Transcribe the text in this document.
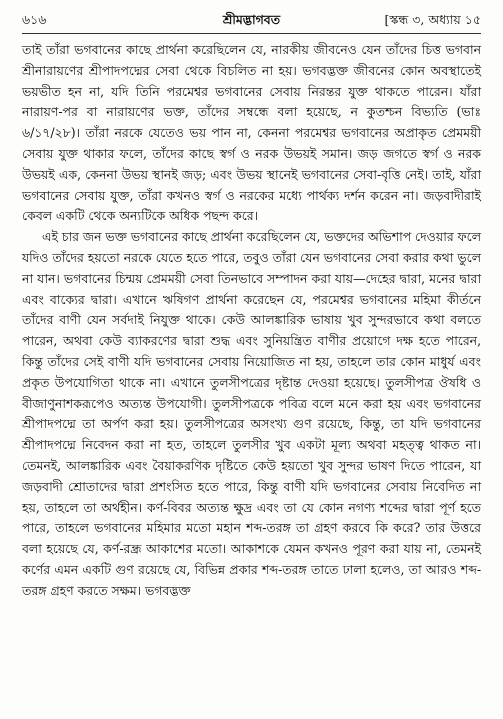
৬১৬	শ্রীমদ্ভাগবত	[স্কন্ধ ৩, অধ্যায় ১৫

তাই তাঁরা ভগবানের কাছে প্রার্থনা করেছিলেন যে, নারকীয় জীবনেও যেন তাঁদের চিত্ত ভগবান শ্রীনারায়ণের শ্রীপাদপদ্মের সেবা থেকে বিচলিত না হয়। ভগবদ্ভক্ত জীবনের কোন অবস্থাতেই ভয়ভীত হন না, যদি তিনি পরমেশ্বর ভগবানের সেবায় নিরন্তর যুক্ত থাকতে পারেন। যাঁরা নারায়ণ-পর বা নারায়ণের ভক্ত, তাঁদের সম্বন্ধে বলা হয়েছে, ন কুতশ্চন বিভ্যতি (ভাঃ ৬/১৭/২৮)। তাঁরা নরকে যেতেও ভয় পান না, কেননা পরমেশ্বর ভগবানের অপ্রাকৃত প্রেমময়ী সেবায় যুক্ত থাকার ফলে, তাঁদের কাছে স্বর্গ ও নরক উভয়ই সমান। জড় জগতে স্বর্গ ও নরক উভয়ই এক, কেননা উভয় স্থানই জড়; এবং উভয় স্থানেই ভগবানের সেবা-বৃত্তি নেই। তাই, যাঁরা ভগবানের সেবায় যুক্ত, তাঁরা কখনও স্বর্গ ও নরকের মধ্যে পার্থক্য দর্শন করেন না। জড়বাদীরাই কেবল একটি থেকে অন্যটিকে অধিক পছন্দ করে।

এই চার জন ভক্ত ভগবানের কাছে প্রার্থনা করেছিলেন যে, ভক্তদের অভিশাপ দেওয়ার ফলে যদিও তাঁদের হয়তো নরকে যেতে হতে পারে, তবুও তাঁরা যেন ভগবানের সেবা করার কথা ভুলে না যান। ভগবানের চিন্ময় প্রেমময়ী সেবা তিনভাবে সম্পাদন করা যায়—দেহের দ্বারা, মনের দ্বারা এবং বাক্যের দ্বারা। এখানে ঋষিগণ প্রার্থনা করেছেন যে, পরমেশ্বর ভগবানের মহিমা কীর্তনে তাঁদের বাণী যেন সর্বদাই নিযুক্ত থাকে। কেউ আলঙ্কারিক ভাষায় খুব সুন্দরভাবে কথা বলতে পারেন, অথবা কেউ ব্যাকরণের দ্বারা শুদ্ধ এবং সুনিয়ন্ত্রিত বাণীর প্রয়োগে দক্ষ হতে পারেন, কিন্তু তাঁদের সেই বাণী যদি ভগবানের সেবায় নিয়োজিত না হয়, তাহলে তার কোন মাধুর্য এবং প্রকৃত উপযোগিতা থাকে না। এখানে তুলসীপত্রের দৃষ্টান্ত দেওয়া হয়েছে। তুলসীপত্র ঔষধি ও বীজাণুনাশকরূপেও অত্যন্ত উপযোগী। তুলসীপত্রকে পবিত্র বলে মনে করা হয় এবং ভগবানের শ্রীপাদপদ্মে তা অর্পণ করা হয়। তুলসীপত্রের অসংখ্য গুণ রয়েছে, কিন্তু, তা যদি ভগবানের শ্রীপাদপদ্মে নিবেদন করা না হত, তাহলে তুলসীর খুব একটা মূল্য অথবা মহত্ত্ব থাকত না। তেমনই, আলঙ্কারিক এবং বৈয়াকরণিক দৃষ্টিতে কেউ হয়তো খুব সুন্দর ভাষণ দিতে পারেন, যা জড়বাদী শ্রোতাদের দ্বারা প্রশংসিত হতে পারে, কিন্তু বাণী যদি ভগবানের সেবায় নিবেদিত না হয়, তাহলে তা অর্থহীন। কর্ণ-বিবর অত্যন্ত ক্ষুদ্র এবং তা যে কোন নগণ্য শব্দের দ্বারা পূর্ণ হতে পারে, তাহলে ভগবানের মহিমার মতো মহান শব্দ-তরঙ্গ তা গ্রহণ করবে কি করে? তার উত্তরে বলা হয়েছে যে, কর্ণ-রন্ধ্র আকাশের মতো। আকাশকে যেমন কখনও পূরণ করা যায় না, তেমনই কর্ণের এমন একটি গুণ রয়েছে যে, বিভিন্ন প্রকার শব্দ-তরঙ্গ তাতে ঢালা হলেও, তা আরও শব্দ-তরঙ্গ গ্রহণ করতে সক্ষম। ভগবদ্ভক্ত
